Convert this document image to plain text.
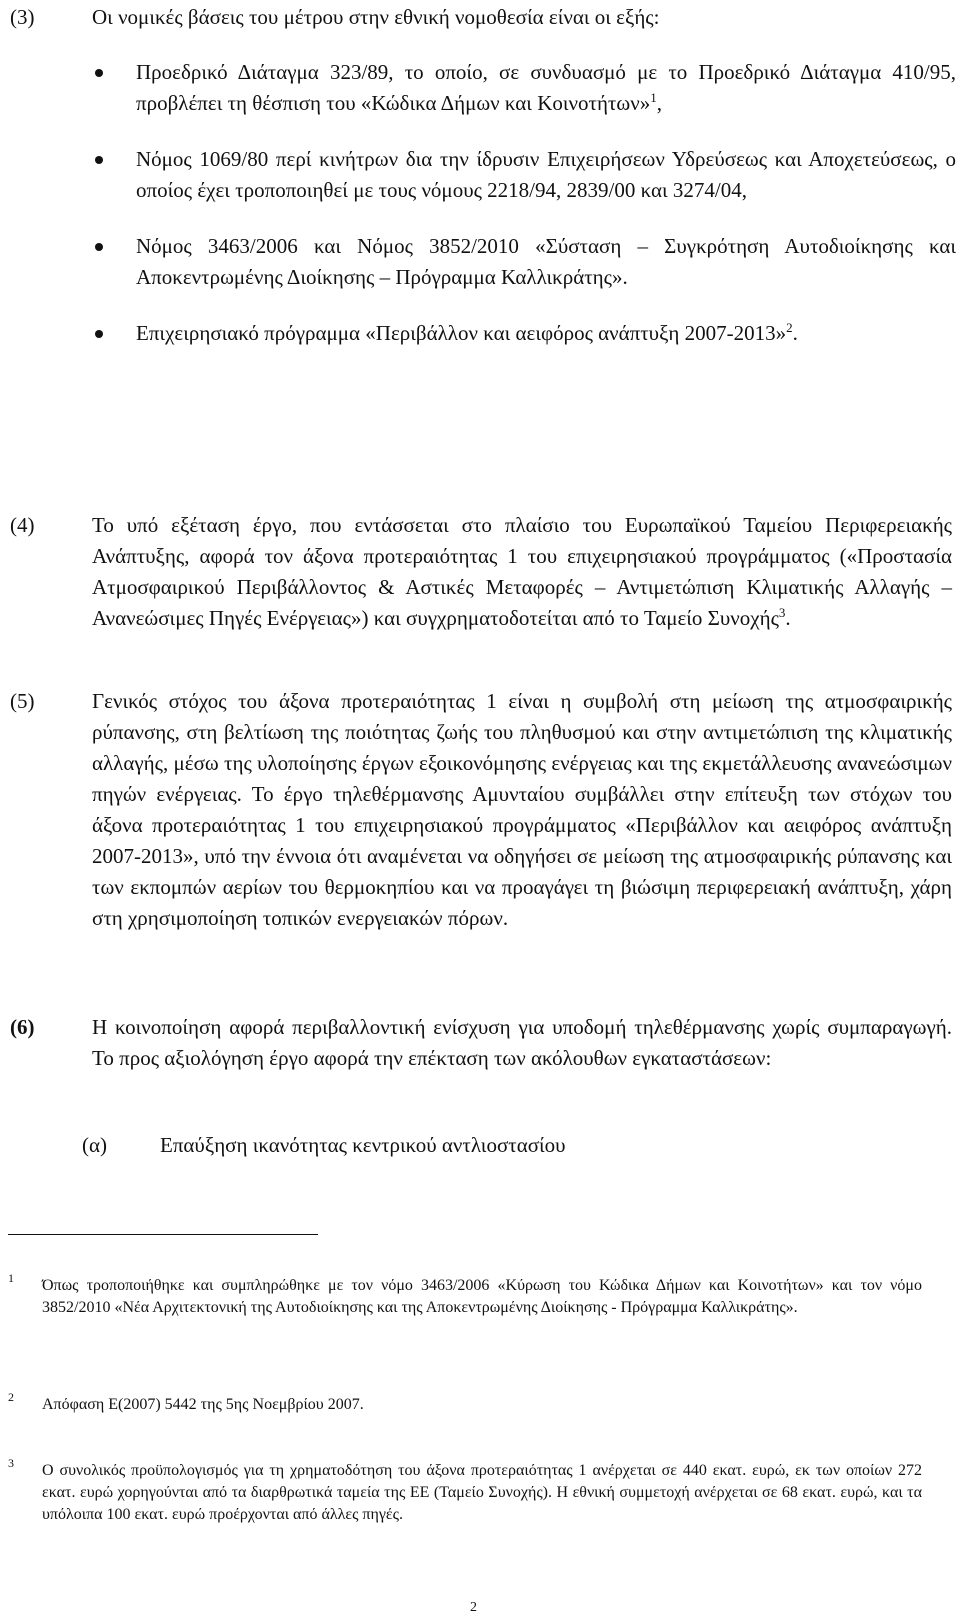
(3)	Οι νομικές βάσεις του μέτρου στην εθνική νομοθεσία είναι οι εξής:
Προεδρικό Διάταγμα 323/89, το οποίο, σε συνδυασμό με το Προεδρικό Διάταγμα 410/95, προβλέπει τη θέσπιση του «Κώδικα Δήμων και Κοινοτήτων»$^1$,
Νόμος 1069/80 περί κινήτρων δια την ίδρυσιν Επιχειρήσεων Υδρεύσεως και Αποχετεύσεως, ο οποίος έχει τροποποιηθεί με τους νόμους 2218/94, 2839/00 και 3274/04,
Νόμος 3463/2006 και Νόμος 3852/2010 «Σύσταση – Συγκρότηση Αυτοδιοίκησης και Αποκεντρωμένης Διοίκησης – Πρόγραμμα Καλλικράτης».
Επιχειρησιακό πρόγραμμα «Περιβάλλον και αειφόρος ανάπτυξη 2007-2013»$^2$.
(4)	Το υπό εξέταση έργο, που εντάσσεται στο πλαίσιο του Ευρωπαϊκού Ταμείου Περιφερειακής Ανάπτυξης, αφορά τον άξονα προτεραιότητας 1 του επιχειρησιακού προγράμματος («Προστασία Ατμοσφαιρικού Περιβάλλοντος & Αστικές Μεταφορές – Αντιμετώπιση Κλιματικής Αλλαγής – Ανανεώσιμες Πηγές Ενέργειας») και συγχρηματοδοτείται από το Ταμείο Συνοχής$^3$.
(5)	Γενικός στόχος του άξονα προτεραιότητας 1 είναι η συμβολή στη μείωση της ατμοσφαιρικής ρύπανσης, στη βελτίωση της ποιότητας ζωής του πληθυσμού και στην αντιμετώπιση της κλιματικής αλλαγής, μέσω της υλοποίησης έργων εξοικονόμησης ενέργειας και της εκμετάλλευσης ανανεώσιμων πηγών ενέργειας. Το έργο τηλεθέρμανσης Αμυνταίου συμβάλλει στην επίτευξη των στόχων του άξονα προτεραιότητας 1 του επιχειρησιακού προγράμματος «Περιβάλλον και αειφόρος ανάπτυξη 2007-2013», υπό την έννοια ότι αναμένεται να οδηγήσει σε μείωση της ατμοσφαιρικής ρύπανσης και των εκπομπών αερίων του θερμοκηπίου και να προαγάγει τη βιώσιμη περιφερειακή ανάπτυξη, χάρη στη χρησιμοποίηση τοπικών ενεργειακών πόρων.
(6)	Η κοινοποίηση αφορά περιβαλλοντική ενίσχυση για υποδομή τηλεθέρμανσης χωρίς συμπαραγωγή. Το προς αξιολόγηση έργο αφορά την επέκταση των ακόλουθων εγκαταστάσεων:
(α)	Επαύξηση ικανότητας κεντρικού αντλιοστασίου
1 Όπως τροποποιήθηκε και συμπληρώθηκε με τον νόμο 3463/2006 «Κύρωση του Κώδικα Δήμων και Κοινοτήτων» και τον νόμο 3852/2010 «Νέα Αρχιτεκτονική της Αυτοδιοίκησης και της Αποκεντρωμένης Διοίκησης - Πρόγραμμα Καλλικράτης».
2 Απόφαση Ε(2007) 5442 της 5ης Νοεμβρίου 2007.
3 Ο συνολικός προϋπολογισμός για τη χρηματοδότηση του άξονα προτεραιότητας 1 ανέρχεται σε 440 εκατ. ευρώ, εκ των οποίων 272 εκατ. ευρώ χορηγούνται από τα διαρθρωτικά ταμεία της ΕΕ (Ταμείο Συνοχής). Η εθνική συμμετοχή ανέρχεται σε 68 εκατ. ευρώ, και τα υπόλοιπα 100 εκατ. ευρώ προέρχονται από άλλες πηγές.
2
